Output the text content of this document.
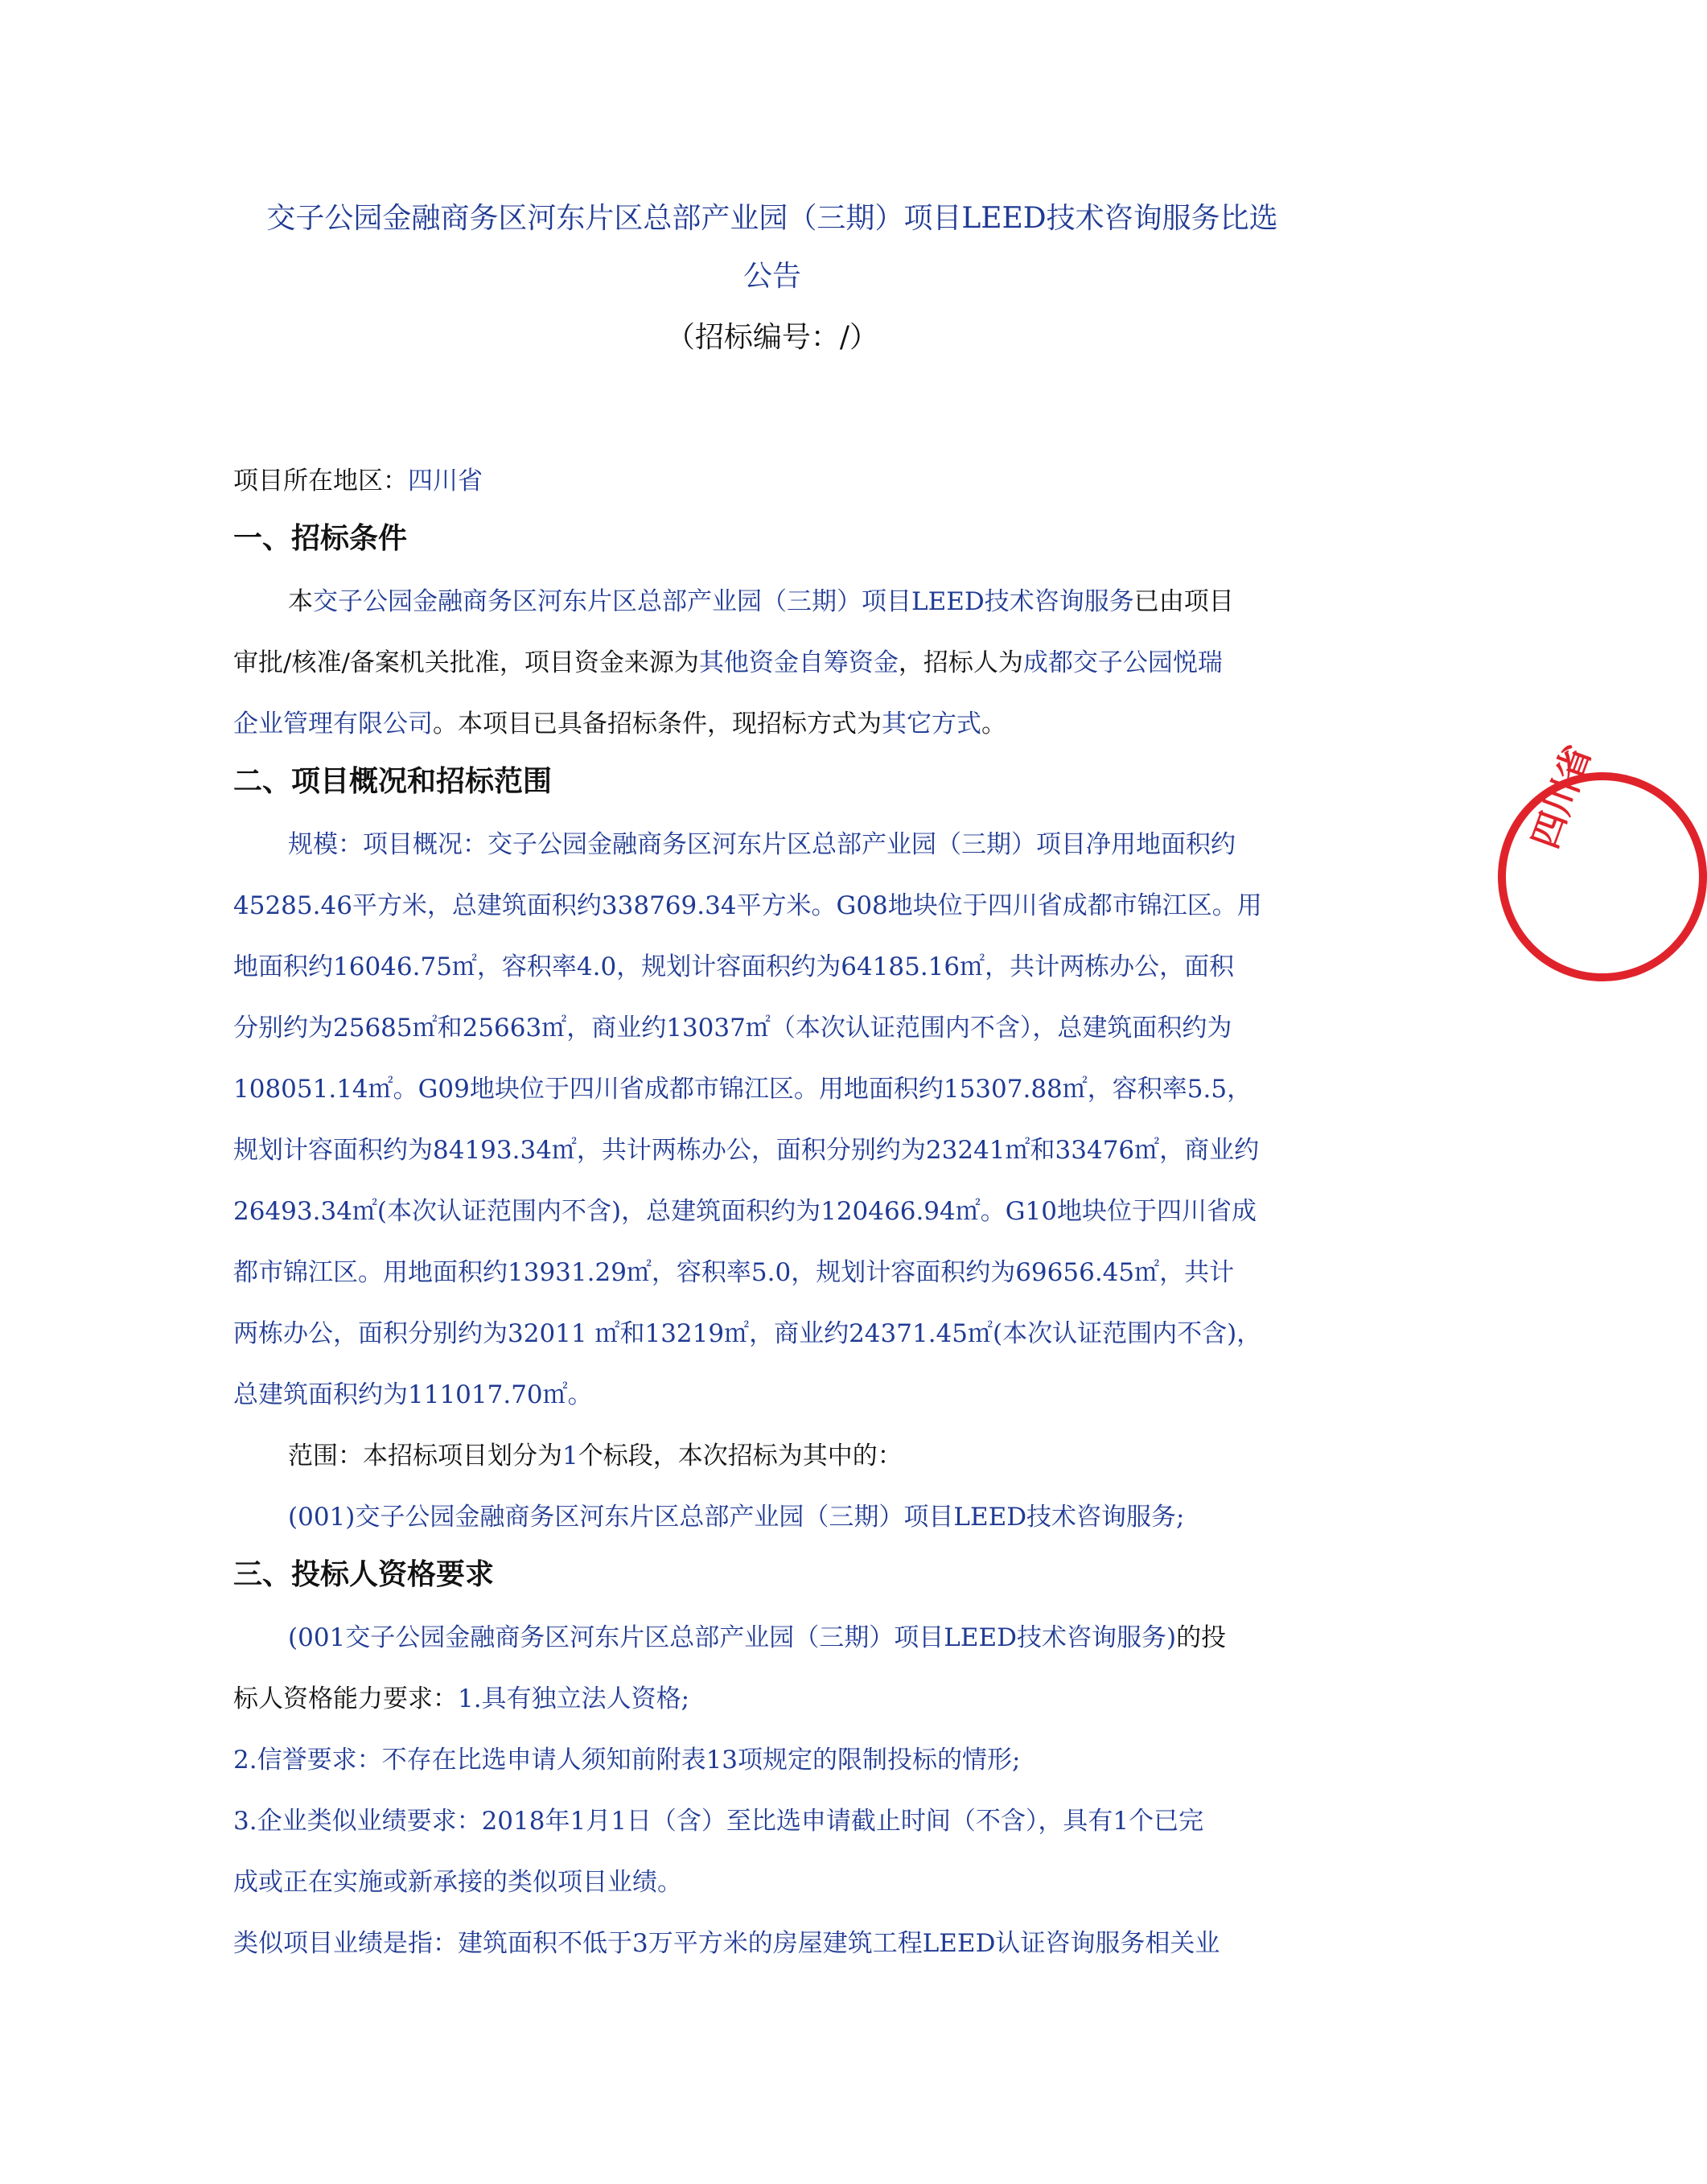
交子公园金融商务区河东片区总部产业园（三期）项目LEED技术咨询服务比选
公告
（招标编号：/）
项目所在地区：四川省
一、招标条件
本交子公园金融商务区河东片区总部产业园（三期）项目LEED技术咨询服务已由项目
审批/核准/备案机关批准，项目资金来源为其他资金自筹资金，招标人为成都交子公园悦瑞
企业管理有限公司。本项目已具备招标条件，现招标方式为其它方式。
二、项目概况和招标范围
规模：项目概况：交子公园金融商务区河东片区总部产业园（三期）项目净用地面积约
45285.46平方米，总建筑面积约338769.34平方米。G08地块位于四川省成都市锦江区。用
地面积约16046.75㎡，容积率4.0，规划计容面积约为64185.16㎡，共计两栋办公，面积
分别约为25685㎡和25663㎡，商业约13037㎡（本次认证范围内不含），总建筑面积约为
108051.14㎡。G09地块位于四川省成都市锦江区。用地面积约15307.88㎡，容积率5.5，
规划计容面积约为84193.34㎡，共计两栋办公，面积分别约为23241㎡和33476㎡，商业约
26493.34㎡(本次认证范围内不含)，总建筑面积约为120466.94㎡。G10地块位于四川省成
都市锦江区。用地面积约13931.29㎡，容积率5.0，规划计容面积约为69656.45㎡，共计
两栋办公，面积分别约为32011 ㎡和13219㎡，商业约24371.45㎡(本次认证范围内不含)，
总建筑面积约为111017.70㎡。
范围：本招标项目划分为1个标段，本次招标为其中的：
(001)交子公园金融商务区河东片区总部产业园（三期）项目LEED技术咨询服务;
三、投标人资格要求
(001交子公园金融商务区河东片区总部产业园（三期）项目LEED技术咨询服务)的投
标人资格能力要求：1.具有独立法人资格;
2.信誉要求：不存在比选申请人须知前附表13项规定的限制投标的情形;
3.企业类似业绩要求：2018年1月1日（含）至比选申请截止时间（不含），具有1个已完
成或正在实施或新承接的类似项目业绩。
类似项目业绩是指：建筑面积不低于3万平方米的房屋建筑工程LEED认证咨询服务相关业
四川省
